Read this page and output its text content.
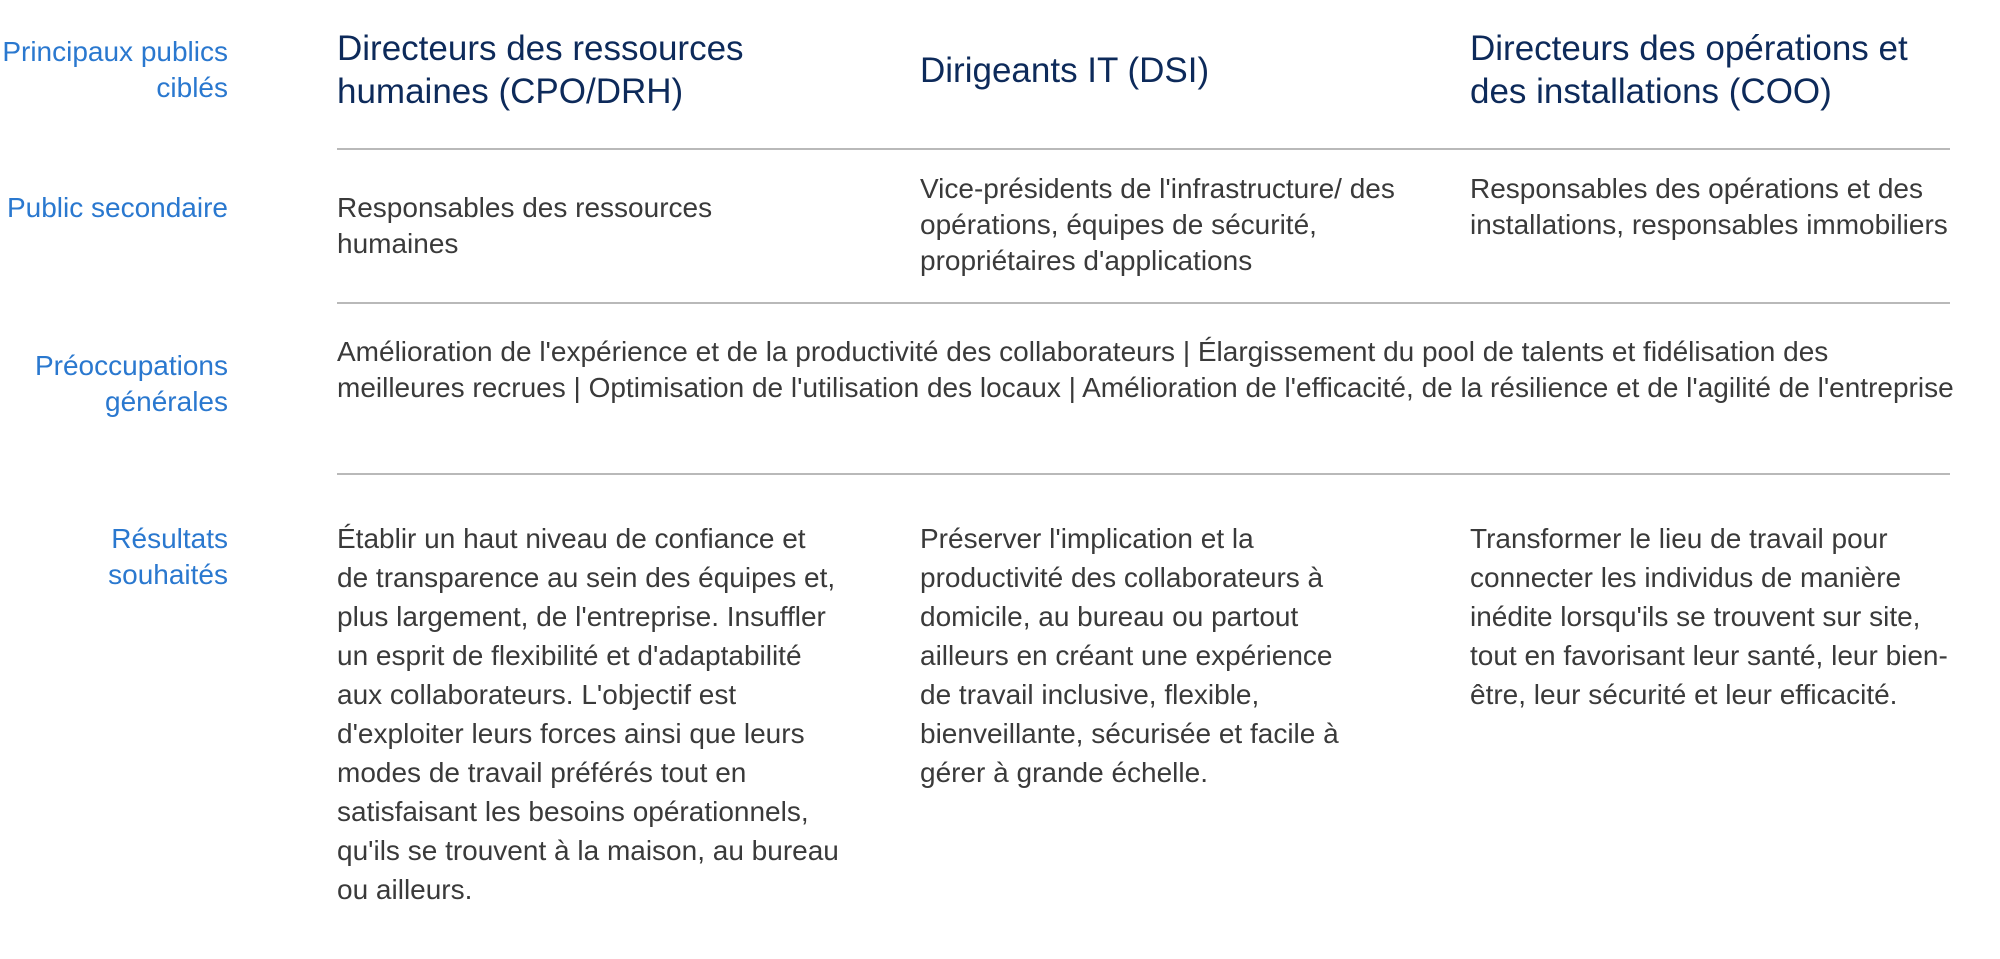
Principaux publics ciblés

Directeurs des ressources humaines (CPO/DRH)
Dirigeants IT (DSI)
Directeurs des opérations et des installations (COO)

Public secondaire	Responsables des ressources humaines

Vice-présidents de l'infrastructure/ des opérations, équipes de sécurité, propriétaires d'applications

Responsables des opérations et des installations, responsables immobiliers

Préoccupations générales

Amélioration de l'expérience et de la productivité des collaborateurs | Élargissement du pool de talents et fidélisation des meilleures recrues | Optimisation de l'utilisation des locaux | Amélioration de l'efficacité, de la résilience et de l'agilité de l'entreprise

Résultats souhaités

Établir un haut niveau de confiance et de transparence au sein des équipes et, plus largement, de l'entreprise. Insuffler un esprit de flexibilité et d'adaptabilité aux collaborateurs. L'objectif est d'exploiter leurs forces ainsi que leurs modes de travail préférés tout en satisfaisant les besoins opérationnels, qu'ils se trouvent à la maison, au bureau ou ailleurs.

Préserver l'implication et la productivité des collaborateurs à domicile, au bureau ou partout ailleurs en créant une expérience de travail inclusive, flexible, bienveillante, sécurisée et facile à gérer à grande échelle.

Transformer le lieu de travail pour connecter les individus de manière inédite lorsqu'ils se trouvent sur site, tout en favorisant leur santé, leur bien-être, leur sécurité et leur efficacité.
